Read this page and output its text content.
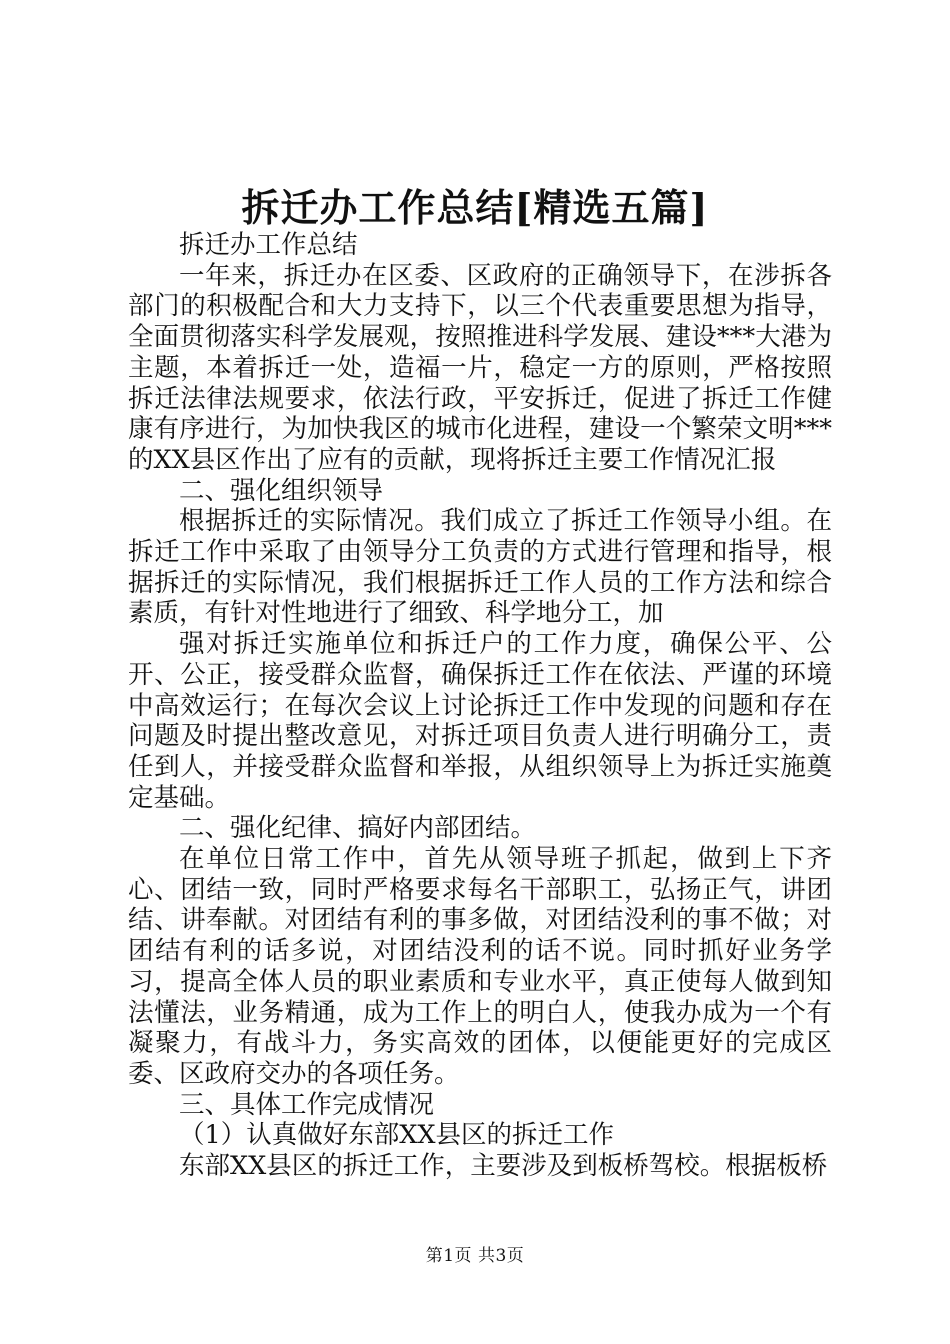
拆迁办工作总结[精选五篇]

拆迁办工作总结

一年来，拆迁办在区委、区政府的正确领导下，在涉拆各部门的积极配合和大力支持下，以三个代表重要思想为指导，全面贯彻落实科学发展观，按照推进科学发展、建设***大港为主题，本着拆迁一处，造福一片，稳定一方的原则，严格按照拆迁法律法规要求，依法行政，平安拆迁，促进了拆迁工作健康有序进行，为加快我区的城市化进程，建设一个繁荣文明***的XX县区作出了应有的贡献，现将拆迁主要工作情况汇报

二、强化组织领导

根据拆迁的实际情况。我们成立了拆迁工作领导小组。在拆迁工作中采取了由领导分工负责的方式进行管理和指导，根据拆迁的实际情况，我们根据拆迁工作人员的工作方法和综合素质，有针对性地进行了细致、科学地分工，加

强对拆迁实施单位和拆迁户的工作力度，确保公平、公开、公正，接受群众监督，确保拆迁工作在依法、严谨的环境中高效运行；在每次会议上讨论拆迁工作中发现的问题和存在问题及时提出整改意见，对拆迁项目负责人进行明确分工，责任到人，并接受群众监督和举报，从组织领导上为拆迁实施奠定基础。

二、强化纪律、搞好内部团结。

在单位日常工作中，首先从领导班子抓起，做到上下齐心、团结一致，同时严格要求每名干部职工，弘扬正气，讲团结、讲奉献。对团结有利的事多做，对团结没利的事不做；对团结有利的话多说，对团结没利的话不说。同时抓好业务学习，提高全体人员的职业素质和专业水平，真正使每人做到知法懂法，业务精通，成为工作上的明白人，使我办成为一个有凝聚力，有战斗力，务实高效的团体，以便能更好的完成区委、区政府交办的各项任务。

三、具体工作完成情况

（1）认真做好东部XX县区的拆迁工作

东部XX县区的拆迁工作，主要涉及到板桥驾校。根据板桥

第1页 共3页
